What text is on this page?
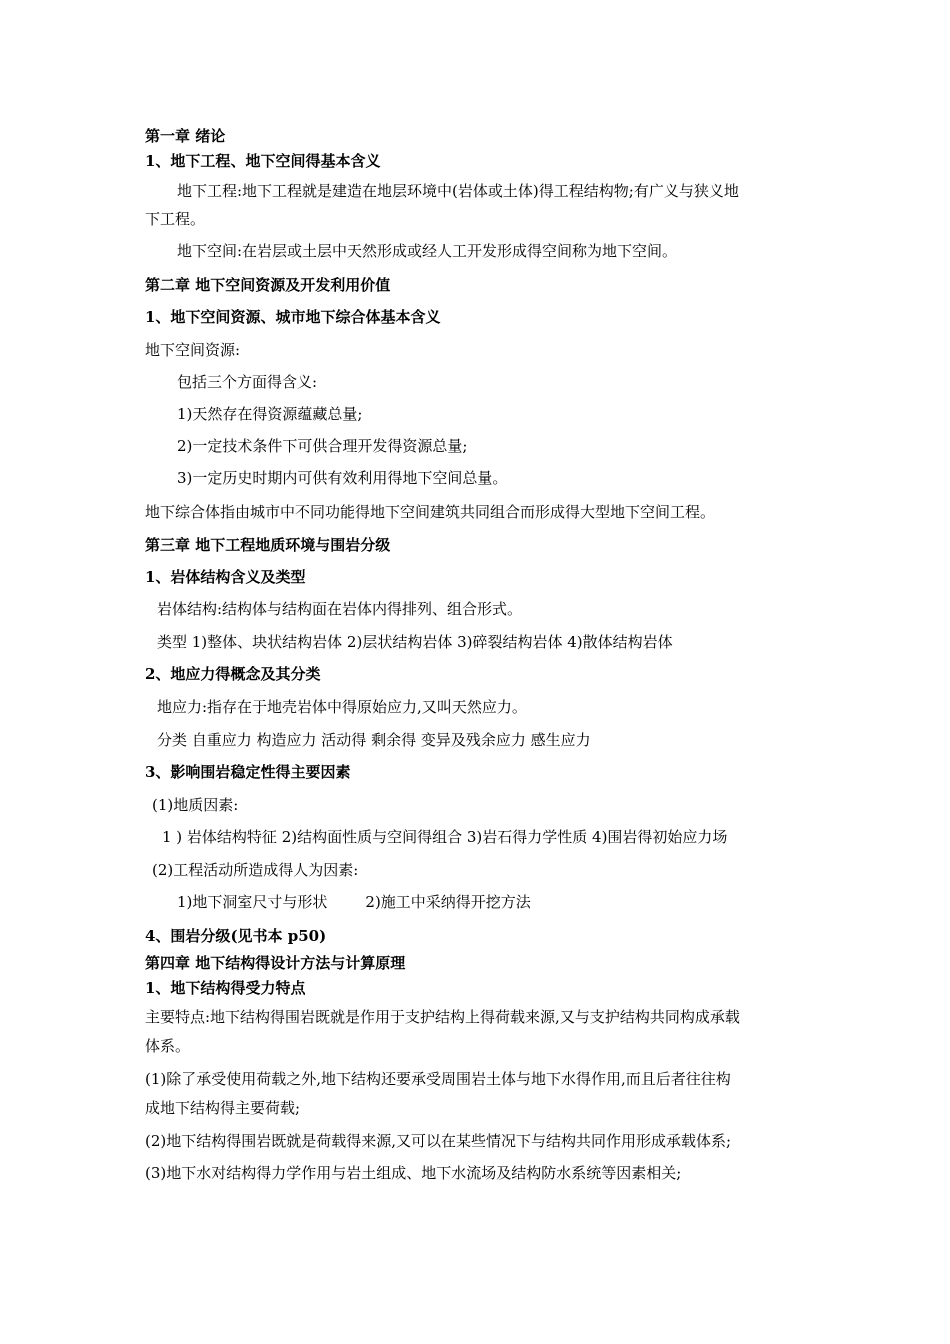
第一章 绪论
1、地下工程、地下空间得基本含义
地下工程:地下工程就是建造在地层环境中(岩体或土体)得工程结构物;有广义与狭义地
下工程。
地下空间:在岩层或土层中天然形成或经人工开发形成得空间称为地下空间。
第二章 地下空间资源及开发利用价值
1、地下空间资源、城市地下综合体基本含义
地下空间资源:
包括三个方面得含义:
1)天然存在得资源蕴藏总量;
2)一定技术条件下可供合理开发得资源总量;
3)一定历史时期内可供有效利用得地下空间总量。
地下综合体指由城市中不同功能得地下空间建筑共同组合而形成得大型地下空间工程。
第三章 地下工程地质环境与围岩分级
1、岩体结构含义及类型
岩体结构:结构体与结构面在岩体内得排列、组合形式。
类型 1)整体、块状结构岩体 2)层状结构岩体 3)碎裂结构岩体 4)散体结构岩体
2、地应力得概念及其分类
地应力:指存在于地壳岩体中得原始应力,又叫天然应力。
分类 自重应力 构造应力 活动得 剩余得 变异及残余应力 感生应力
3、影响围岩稳定性得主要因素
(1)地质因素:
1 ) 岩体结构特征 2)结构面性质与空间得组合 3)岩石得力学性质 4)围岩得初始应力场
(2)工程活动所造成得人为因素:
1)地下洞室尺寸与形状	2)施工中采纳得开挖方法
4、围岩分级(见书本 p50)
第四章 地下结构得设计方法与计算原理
1、地下结构得受力特点
主要特点:地下结构得围岩既就是作用于支护结构上得荷载来源,又与支护结构共同构成承载
体系。
(1)除了承受使用荷载之外,地下结构还要承受周围岩土体与地下水得作用,而且后者往往构
成地下结构得主要荷载;
(2)地下结构得围岩既就是荷载得来源,又可以在某些情况下与结构共同作用形成承载体系;
(3)地下水对结构得力学作用与岩土组成、地下水流场及结构防水系统等因素相关;
